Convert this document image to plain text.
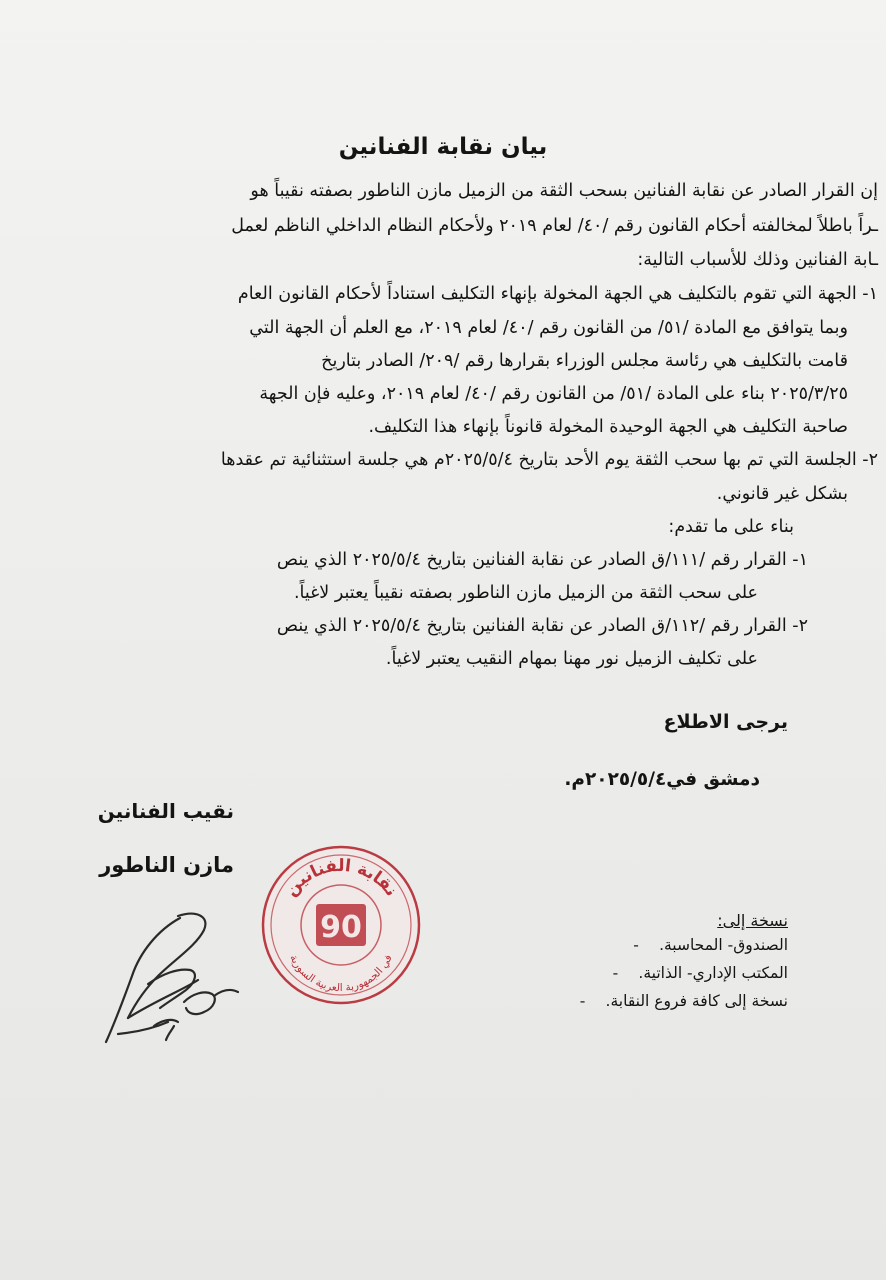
بيان نقابة الفنانين
إن القرار الصادر عن نقابة الفنانين بسحب الثقة من الزميل مازن الناطور بصفته نقيباً هو
ـراً باطلاً لمخالفته أحكام القانون رقم /٤٠/ لعام ٢٠١٩ ولأحكام النظام الداخلي الناظم لعمل
ـابة الفنانين وذلك للأسباب التالية:
١- الجهة التي تقوم بالتكليف هي الجهة المخولة بإنهاء التكليف استناداً لأحكام القانون العام
وبما يتوافق مع المادة /٥١/ من القانون رقم /٤٠/ لعام ٢٠١٩، مع العلم أن الجهة التي
قامت بالتكليف هي رئاسة مجلس الوزراء بقرارها رقم /٢٠٩/ الصادر بتاريخ
٢٠٢٥/٣/٢٥ بناء على المادة /٥١/ من القانون رقم /٤٠/ لعام ٢٠١٩، وعليه فإن الجهة
صاحبة التكليف هي الجهة الوحيدة المخولة قانوناً بإنهاء هذا التكليف.
٢- الجلسة التي تم بها سحب الثقة يوم الأحد بتاريخ ٢٠٢٥/٥/٤م هي جلسة استثنائية تم عقدها
بشكل غير قانوني.
بناء على ما تقدم:
١- القرار رقم /١١١/ق الصادر عن نقابة الفنانين بتاريخ ٢٠٢٥/٥/٤ الذي ينص
على سحب الثقة من الزميل مازن الناطور بصفته نقيباً يعتبر لاغياً.
٢- القرار رقم /١١٢/ق الصادر عن نقابة الفنانين بتاريخ ٢٠٢٥/٥/٤ الذي ينص
على تكليف الزميل نور مهنا بمهام النقيب يعتبر لاغياً.
يرجى الاطلاع
دمشق في٢٠٢٥/٥/٤م.
نقيب الفنانين
مازن الناطور
نسخة إلى:
الصندوق- المحاسبة.-
المكتب الإداري- الذاتية.-
نسخة إلى كافة فروع النقابة.-
نقابة الفنانين
في الجمهورية العربية السورية
90
